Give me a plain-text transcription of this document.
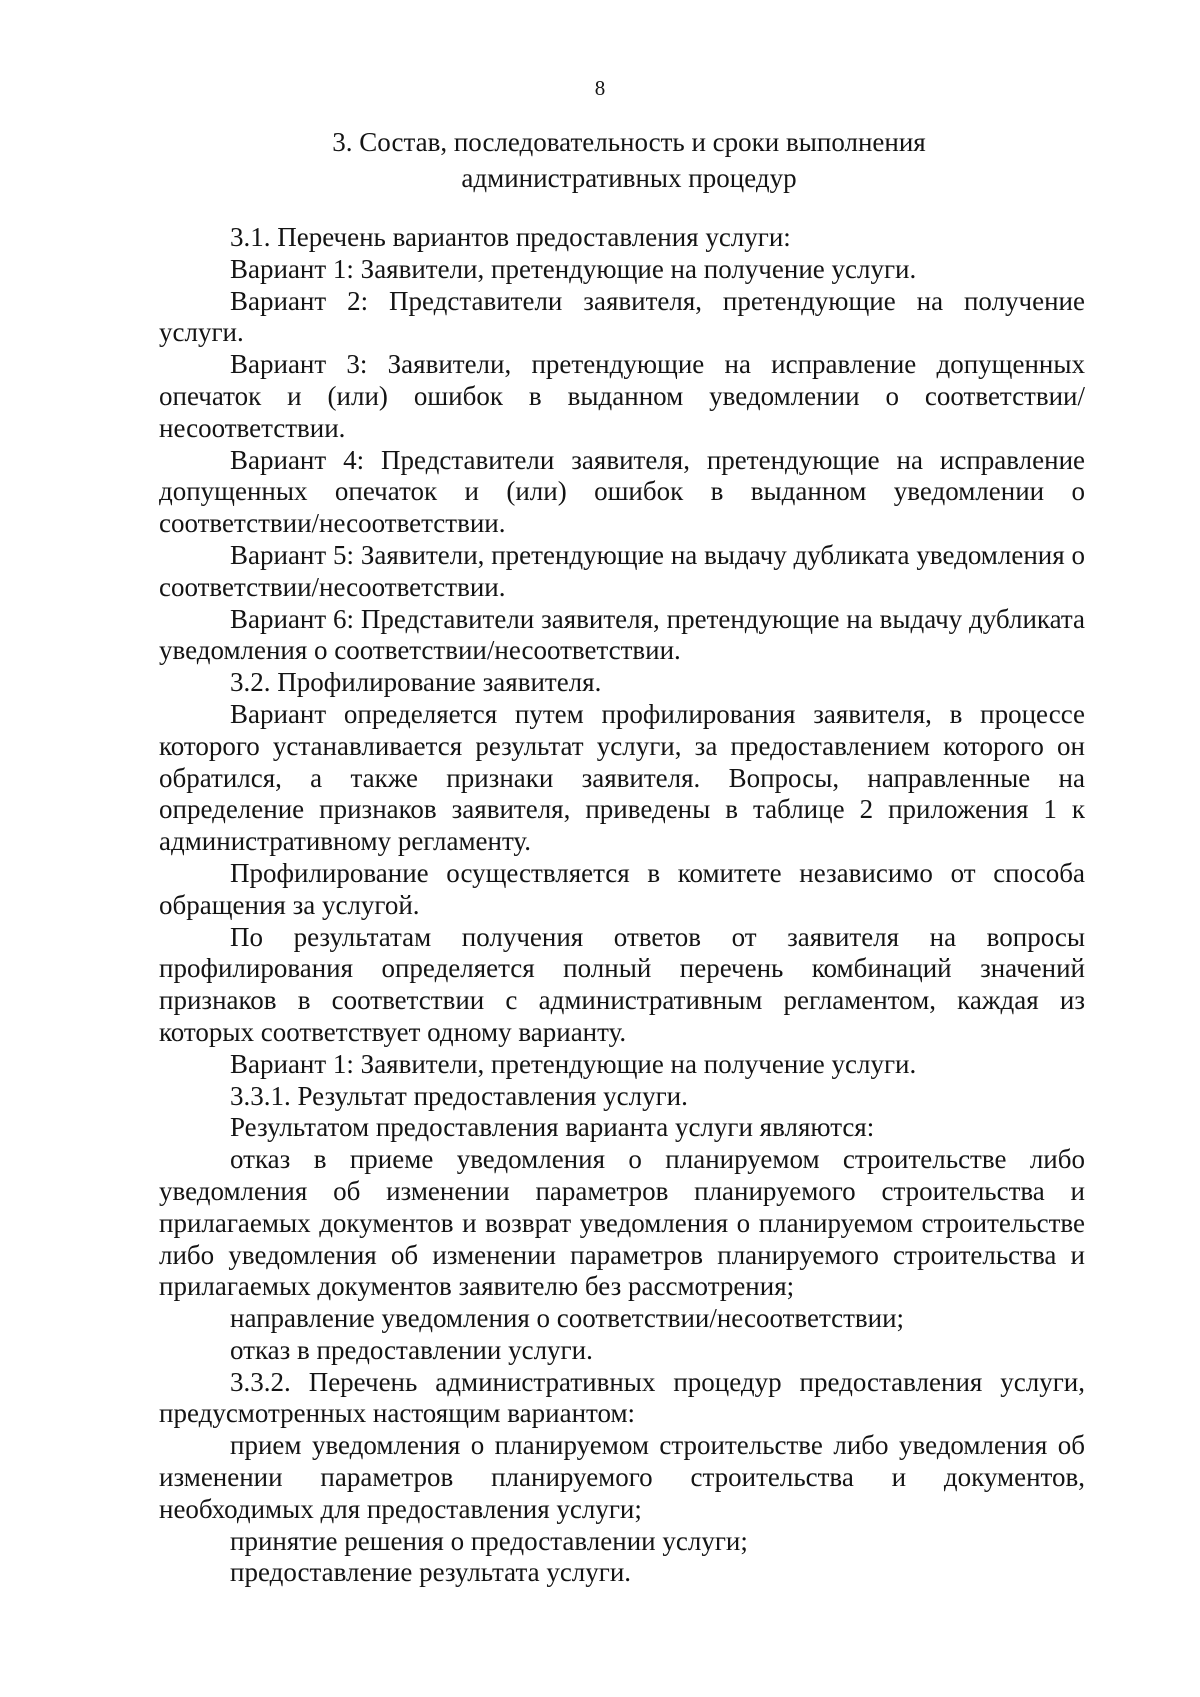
8
3. Состав, последовательность и сроки выполнения
административных процедур

3.1. Перечень вариантов предоставления услуги:

Вариант 1: Заявители, претендующие на получение услуги.

Вариант 2: Представители заявителя, претендующие на получение услуги.

Вариант 3: Заявители, претендующие на исправление допущенных опечаток и (или) ошибок в выданном уведомлении о соответствии/несоответствии.

Вариант 4: Представители заявителя, претендующие на исправление допущенных опечаток и (или) ошибок в выданном уведомлении о соответствии/несоответствии.

Вариант 5: Заявители, претендующие на выдачу дубликата уведомления о соответствии/несоответствии.

Вариант 6: Представители заявителя, претендующие на выдачу дубликата уведомления о соответствии/несоответствии.

3.2. Профилирование заявителя.

Вариант определяется путем профилирования заявителя, в процессе которого устанавливается результат услуги, за предоставлением которого он обратился, а также признаки заявителя. Вопросы, направленные на определение признаков заявителя, приведены в таблице 2 приложения 1 к административному регламенту.

Профилирование осуществляется в комитете независимо от способа обращения за услугой.

По результатам получения ответов от заявителя на вопросы профилирования определяется полный перечень комбинаций значений признаков в соответствии с административным регламентом, каждая из которых соответствует одному варианту.

Вариант 1: Заявители, претендующие на получение услуги.

3.3.1. Результат предоставления услуги.

Результатом предоставления варианта услуги являются:

отказ в приеме уведомления о планируемом строительстве либо уведомления об изменении параметров планируемого строительства и прилагаемых документов и возврат уведомления о планируемом строительстве либо уведомления об изменении параметров планируемого строительства и прилагаемых документов заявителю без рассмотрения;

направление уведомления о соответствии/несоответствии;

отказ в предоставлении услуги.

3.3.2. Перечень административных процедур предоставления услуги, предусмотренных настоящим вариантом:

прием уведомления о планируемом строительстве либо уведомления об изменении параметров планируемого строительства и документов, необходимых для предоставления услуги;

принятие решения о предоставлении услуги;

предоставление результата услуги.
